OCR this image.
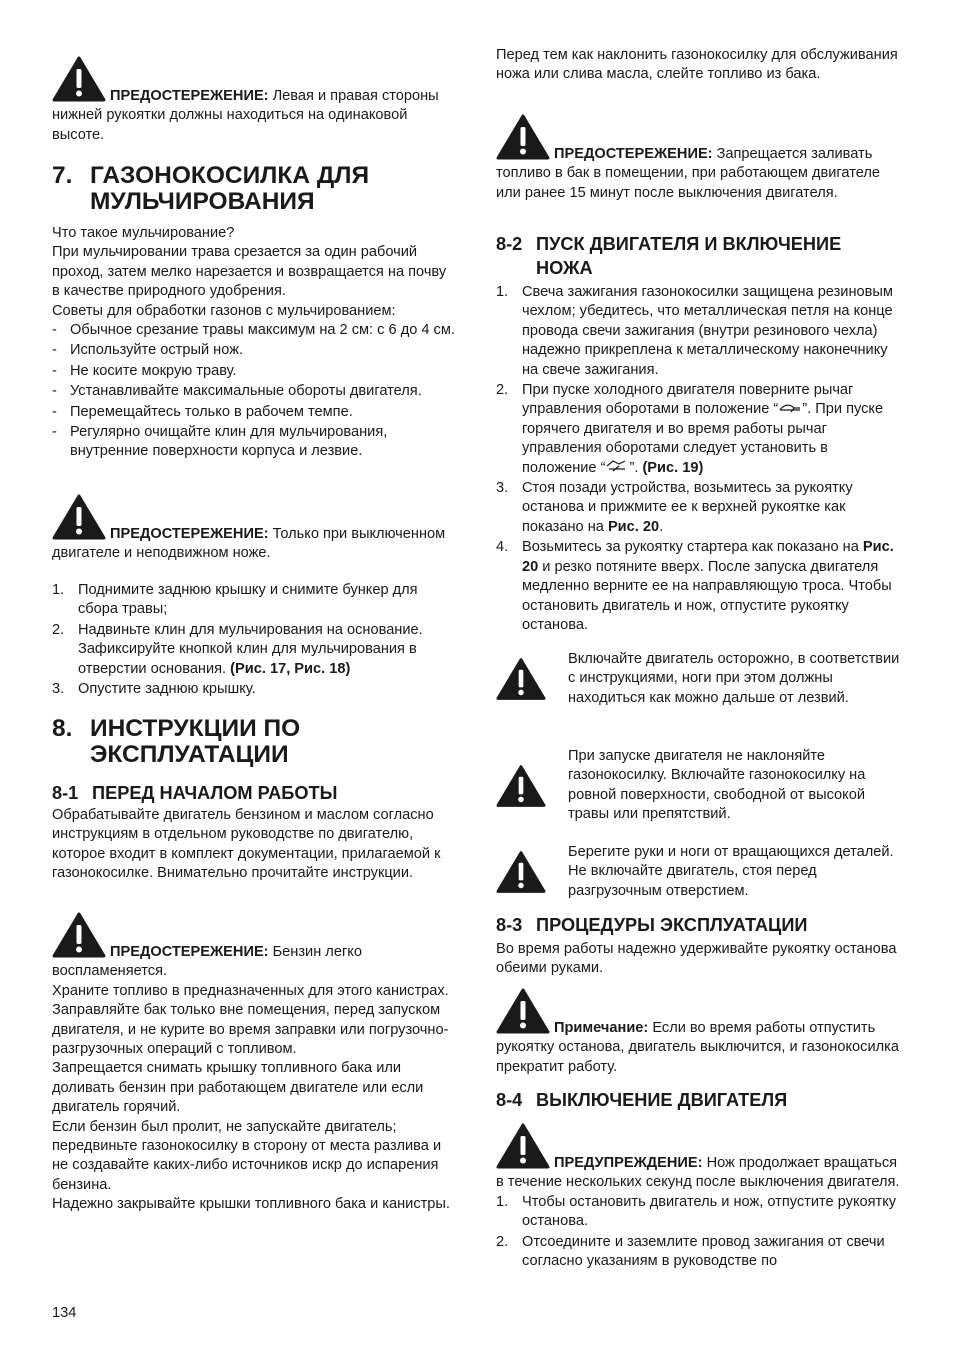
ПРЕДОСТЕРЕЖЕНИЕ: Левая и правая стороны нижней рукоятки должны находиться на одинаковой высоте.
7. ГАЗОНОКОСИЛКА ДЛЯ
МУЛЬЧИРОВАНИЯ

Что такое мульчирование?

При мульчировании трава срезается за один рабочий проход, затем мелко нарезается и возвращается на почву в качестве природного удобрения.

Советы для обработки газонов с мульчированием:

- Обычное срезание травы максимум на 2 см: с 6 до 4 см.
- Используйте острый нож.
- Не косите мокрую траву.
- Устанавливайте максимальные обороты двигателя.
- Перемещайтесь только в рабочем темпе.
- Регулярно очищайте клин для мульчирования, внутренние поверхности корпуса и лезвие.
ПРЕДОСТЕРЕЖЕНИЕ: Только при выключенном двигателе и неподвижном ноже.
1. Поднимите заднюю крышку и снимите бункер для сбора травы;
2. Надвиньте клин для мульчирования на основание. Зафиксируйте кнопкой клин для мульчирования в отверстии основания. (Рис. 17, Рис. 18)
3. Опустите заднюю крышку.
8. ИНСТРУКЦИИ ПО
ЭКСПЛУАТАЦИИ
8-1 ПЕРЕД НАЧАЛОМ РАБОТЫ

Обрабатывайте двигатель бензином и маслом согласно инструкциям в отдельном руководстве по двигателю, которое входит в комплект документации, прилагаемой к газонокосилке. Внимательно прочитайте инструкции.

ПРЕДОСТЕРЕЖЕНИЕ: Бензин легко воспламеняется.

Храните топливо в предназначенных для этого канистрах.

Заправляйте бак только вне помещения, перед запуском двигателя, и не курите во время заправки или погрузочно-разгрузочных операций с топливом.

Запрещается снимать крышку топливного бака или доливать бензин при работающем двигателе или если двигатель горячий.

Если бензин был пролит, не запускайте двигатель; передвиньте газонокосилку в сторону от места разлива и не создавайте каких-либо источников искр до испарения бензина.

Надежно закрывайте крышки топливного бака и канистры.

Перед тем как наклонить газонокосилку для обслуживания ножа или слива масла, слейте топливо из бака.

ПРЕДОСТЕРЕЖЕНИЕ: Запрещается заливать топливо в бак в помещении, при работающем двигателе или ранее 15 минут после выключения двигателя.
8-2 ПУСК ДВИГАТЕЛЯ И ВКЛЮЧЕНИЕ
НОЖА
1. Свеча зажигания газонокосилки защищена резиновым чехлом; убедитесь, что металлическая петля на конце провода свечи зажигания (внутри резинового чехла) надежно прикреплена к металлическому наконечнику на свече зажигания.
2. При пуске холодного двигателя поверните рычаг управления оборотами в положение “ ”. При пуске горячего двигателя и во время работы рычаг управления оборотами следует установить в положение “ ”. (Рис. 19)
3. Стоя позади устройства, возьмитесь за рукоятку останова и прижмите ее к верхней рукоятке как показано на Рис. 20.
4. Возьмитесь за рукоятку стартера как показано на Рис. 20 и резко потяните вверх. После запуска двигателя медленно верните ее на направляющую троса. Чтобы остановить двигатель и нож, отпустите рукоятку останова.
Включайте двигатель осторожно, в соответствии с инструкциями, ноги при этом должны находиться как можно дальше от лезвий.
При запуске двигателя не наклоняйте газонокосилку. Включайте газонокосилку на ровной поверхности, свободной от высокой травы или препятствий.
Берегите руки и ноги от вращающихся деталей. Не включайте двигатель, стоя перед разгрузочным отверстием.
8-3 ПРОЦЕДУРЫ ЭКСПЛУАТАЦИИ

Во время работы надежно удерживайте рукоятку останова обеими руками.

Примечание: Если во время работы отпустить рукоятку останова, двигатель выключится, и газонокосилка прекратит работу.
8-4 ВЫКЛЮЧЕНИЕ ДВИГАТЕЛЯ
ПРЕДУПРЕЖДЕНИЕ: Нож продолжает вращаться в течение нескольких секунд после выключения двигателя.
1. Чтобы остановить двигатель и нож, отпустите рукоятку останова.
2. Отсоедините и заземлите провод зажигания от свечи согласно указаниям в руководстве по
134
